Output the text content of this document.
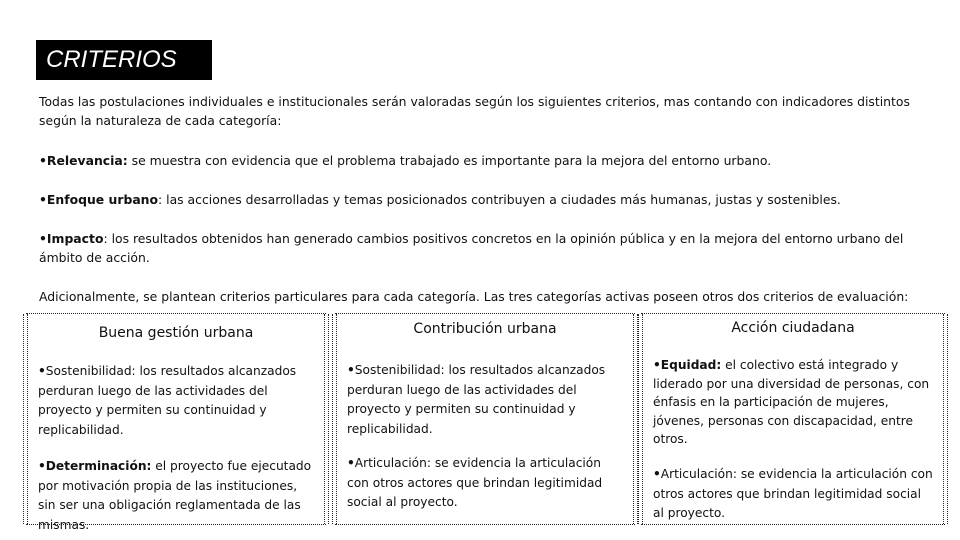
CRITERIOS

Todas las postulaciones individuales e institucionales serán valoradas según los siguientes criterios, mas contando con indicadores distintos según la naturaleza de cada categoría:

•Relevancia: se muestra con evidencia que el problema trabajado es importante para la mejora del entorno urbano.

•Enfoque urbano: las acciones desarrolladas y temas posicionados contribuyen a ciudades más humanas, justas y sostenibles.

•Impacto: los resultados obtenidos han generado cambios positivos concretos en la opinión pública y en la mejora del entorno urbano del ámbito de acción.

Adicionalmente, se plantean criterios particulares para cada categoría. Las tres categorías activas poseen otros dos criterios de evaluación:

Buena gestión urbana
•Sostenibilidad: los resultados alcanzados perduran luego de las actividades del proyecto y permiten su continuidad y replicabilidad.
•Determinación: el proyecto fue ejecutado por motivación propia de las instituciones, sin ser una obligación reglamentada de las mismas.
Contribución urbana
•Sostenibilidad: los resultados alcanzados perduran luego de las actividades del proyecto y permiten su continuidad y replicabilidad.
•Articulación: se evidencia la articulación con otros actores que brindan legitimidad social al proyecto.
Acción ciudadana
•Equidad: el colectivo está integrado y liderado por una diversidad de personas, con énfasis en la participación de mujeres, jóvenes, personas con discapacidad, entre otros.
•Articulación: se evidencia la articulación con otros actores que brindan legitimidad social al proyecto.
